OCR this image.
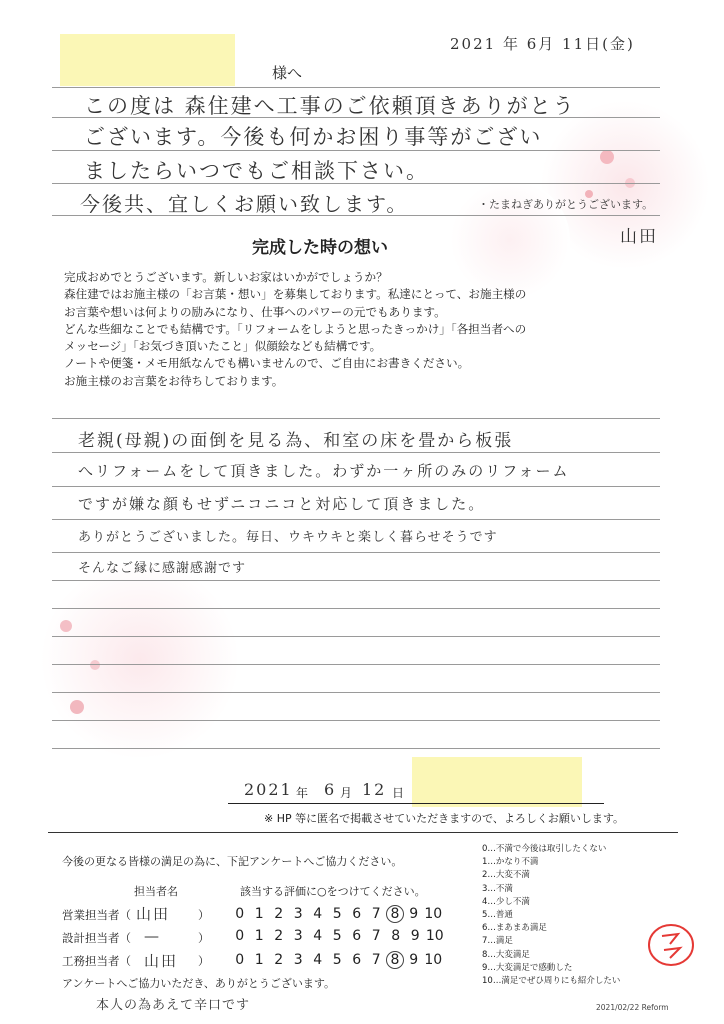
2021 年 6月 11日(金)
様へ
この度は 森住建へ工事のご依頼頂きありがとう
ございます。今後も何かお困り事等がござい
ましたらいつでもご相談下さい。
今後共、宜しくお願い致します。	・たまねぎありがとうございます。
山田
完成した時の想い
完成おめでとうございます。新しいお家はいかがでしょうか？
森住建ではお施主様の「お言葉・想い」を募集しております。私達にとって、お施主様の
お言葉や想いは何よりの励みになり、仕事へのパワーの元でもあります。
どんな些細なことでも結構です。「リフォームをしようと思ったきっかけ」「各担当者への
メッセージ」「お気づき頂いたこと」似顔絵なども結構です。
ノートや便箋・メモ用紙なんでも構いませんので、ご自由にお書きください。
お施主様のお言葉をお待ちしております。
老親(母親)の面倒を見る為、和室の床を畳から板張
へリフォームをして頂きました。わずか一ヶ所のみのリフォーム
ですが嫌な顔もせずニコニコと対応して頂きました。
ありがとうございました。毎日、ウキウキと楽しく暮らせそうです
そんなご縁に感謝感謝です
2021 年 6 月 12 日
※ HP 等に匿名で掲載させていただきますので、よろしくお願いします。
今後の更なる皆様の満足の為に、下記アンケートへご協力ください。
担当者名	該当する評価に○をつけてください。
営業担当者（ 山田 ）	0 1 2 3 4 5 6 7 8 9 10
設計担当者（ —	）	0 1 2 3 4 5 6 7 8 9 10
工務担当者（ 山田 ）	0 1 2 3 4 5 6 7 8 9 10
アンケートへご協力いただき、ありがとうございます。
本人の為あえて辛口です
0…不満で今後は取引したくない
1…かなり不満
2…大変不満
3…不満
4…少し不満
5…普通
6…まあまあ満足
7…満足
8…大変満足
9…大変満足で感動した
10…満足でぜひ周りにも紹介したい
2021/02/22 Reform
